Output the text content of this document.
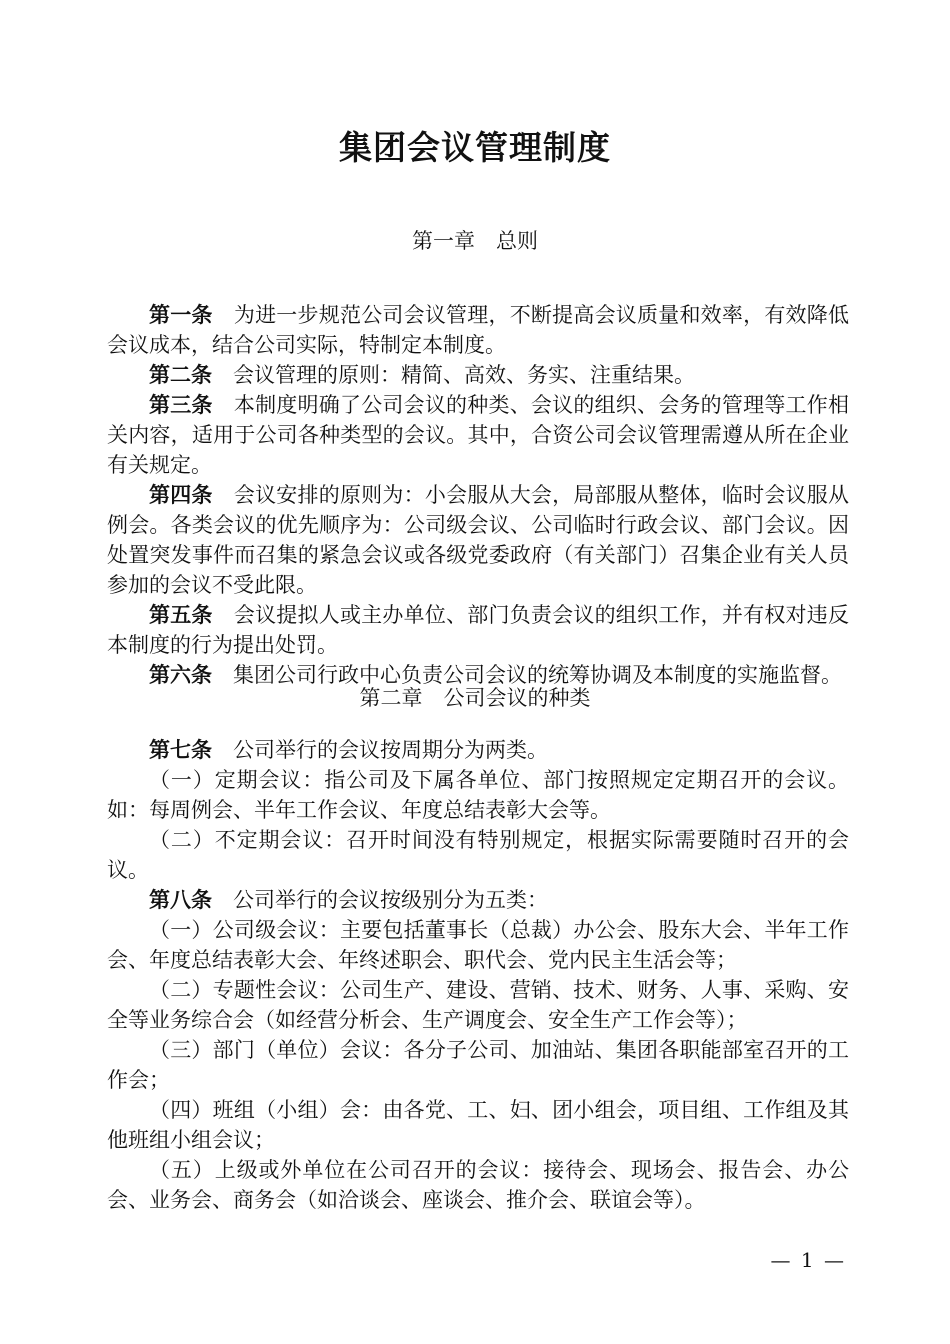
集团会议管理制度
第一章　总则

第一条　为进一步规范公司会议管理，不断提高会议质量和效率，有效降低会议成本，结合公司实际，特制定本制度。

第二条　会议管理的原则：精简、高效、务实、注重结果。

第三条　本制度明确了公司会议的种类、会议的组织、会务的管理等工作相关内容，适用于公司各种类型的会议。其中，合资公司会议管理需遵从所在企业有关规定。

第四条　会议安排的原则为：小会服从大会，局部服从整体，临时会议服从例会。各类会议的优先顺序为：公司级会议、公司临时行政会议、部门会议。因处置突发事件而召集的紧急会议或各级党委政府（有关部门）召集企业有关人员参加的会议不受此限。

第五条　会议提拟人或主办单位、部门负责会议的组织工作，并有权对违反本制度的行为提出处罚。

第六条　集团公司行政中心负责公司会议的统筹协调及本制度的实施监督。

第二章　公司会议的种类

第七条　公司举行的会议按周期分为两类。

（一）定期会议：指公司及下属各单位、部门按照规定定期召开的会议。如：每周例会、半年工作会议、年度总结表彰大会等。

（二）不定期会议：召开时间没有特别规定，根据实际需要随时召开的会议。

第八条　公司举行的会议按级别分为五类：

（一）公司级会议：主要包括董事长（总裁）办公会、股东大会、半年工作会、年度总结表彰大会、年终述职会、职代会、党内民主生活会等；

（二）专题性会议：公司生产、建设、营销、技术、财务、人事、采购、安全等业务综合会（如经营分析会、生产调度会、安全生产工作会等）；

（三）部门（单位）会议：各分子公司、加油站、集团各职能部室召开的工作会；

（四）班组（小组）会：由各党、工、妇、团小组会，项目组、工作组及其他班组小组会议；

（五）上级或外单位在公司召开的会议：接待会、现场会、报告会、办公会、业务会、商务会（如洽谈会、座谈会、推介会、联谊会等）。

— 1 —
